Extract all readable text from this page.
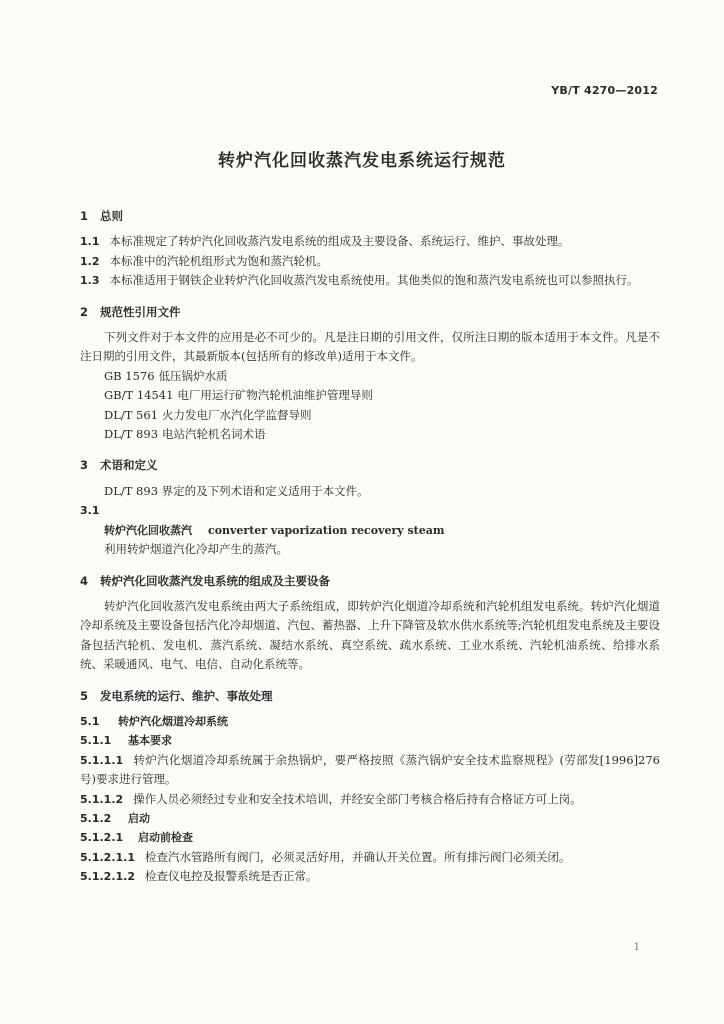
YB/T 4270—2012
转炉汽化回收蒸汽发电系统运行规范
1 总则

1.1 本标准规定了转炉汽化回收蒸汽发电系统的组成及主要设备、系统运行、维护、事故处理。

1.2 本标准中的汽轮机组形式为饱和蒸汽轮机。

1.3 本标准适用于钢铁企业转炉汽化回收蒸汽发电系统使用。其他类似的饱和蒸汽发电系统也可以参照执行。

2 规范性引用文件

下列文件对于本文件的应用是必不可少的。凡是注日期的引用文件，仅所注日期的版本适用于本文件。凡是不注日期的引用文件，其最新版本(包括所有的修改单)适用于本文件。

GB 1576 低压锅炉水质

GB/T 14541 电厂用运行矿物汽轮机油维护管理导则

DL/T 561 火力发电厂水汽化学监督导则

DL/T 893 电站汽轮机名词术语

3 术语和定义

DL/T 893 界定的及下列术语和定义适用于本文件。

3.1

转炉汽化回收蒸汽 converter vaporization recovery steam

利用转炉烟道汽化冷却产生的蒸汽。

4 转炉汽化回收蒸汽发电系统的组成及主要设备

转炉汽化回收蒸汽发电系统由两大子系统组成，即转炉汽化烟道冷却系统和汽轮机组发电系统。转炉汽化烟道冷却系统及主要设备包括汽化冷却烟道、汽包、蓄热器、上升下降管及软水供水系统等;汽轮机组发电系统及主要设备包括汽轮机、发电机、蒸汽系统、凝结水系统、真空系统、疏水系统、工业水系统、汽轮机油系统、给排水系统、采暖通风、电气、电信、自动化系统等。

5 发电系统的运行、维护、事故处理
5.1 转炉汽化烟道冷却系统
5.1.1 基本要求

5.1.1.1 转炉汽化烟道冷却系统属于余热锅炉，要严格按照《蒸汽锅炉安全技术监察规程》(劳部发[1996]276 号)要求进行管理。

5.1.1.2 操作人员必须经过专业和安全技术培训，并经安全部门考核合格后持有合格证方可上岗。

5.1.2 启动
5.1.2.1 启动前检查

5.1.2.1.1 检查汽水管路所有阀门，必须灵活好用，并确认开关位置。所有排污阀门必须关闭。

5.1.2.1.2 检查仪电控及报警系统是否正常。

1
